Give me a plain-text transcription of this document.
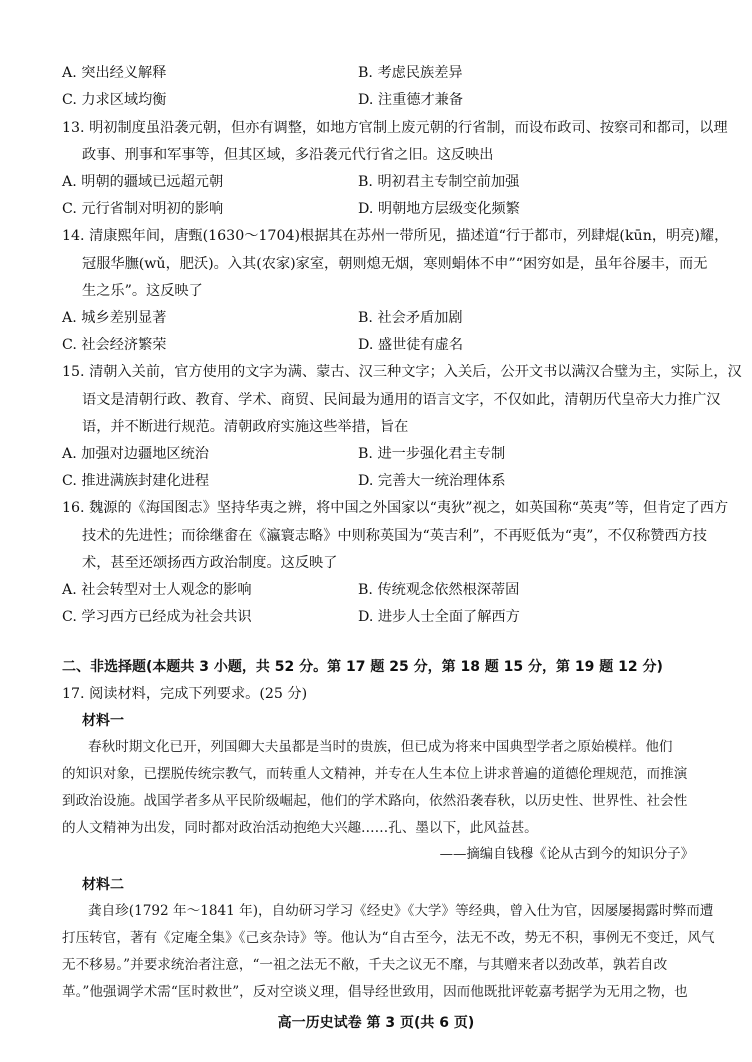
A. 突出经义解释	B. 考虑民族差异
C. 力求区域均衡	D. 注重德才兼备
13. 明初制度虽沿袭元朝，但亦有调整，如地方官制上废元朝的行省制，而设布政司、按察司和都司，以理
政事、刑事和军事等，但其区域，多沿袭元代行省之旧。这反映出
A. 明朝的疆域已远超元朝	B. 明初君主专制空前加强
C. 元行省制对明初的影响	D. 明朝地方层级变化频繁
14. 清康熙年间，唐甄(1630～1704)根据其在苏州一带所见，描述道“行于都市，列肆焜(kūn，明亮)耀，
冠服华膴(wǔ，肥沃)。入其(农家)家室，朝则熄无烟，寒则蜎体不申”“困穷如是，虽年谷屡丰，而无
生之乐”。这反映了
A. 城乡差别显著	B. 社会矛盾加剧
C. 社会经济繁荣	D. 盛世徒有虚名
15. 清朝入关前，官方使用的文字为满、蒙古、汉三种文字；入关后，公开文书以满汉合璧为主，实际上，汉
语文是清朝行政、教育、学术、商贸、民间最为通用的语言文字，不仅如此，清朝历代皇帝大力推广汉
语，并不断进行规范。清朝政府实施这些举措，旨在
A. 加强对边疆地区统治	B. 进一步强化君主专制
C. 推进满族封建化进程	D. 完善大一统治理体系
16. 魏源的《海国图志》坚持华夷之辨，将中国之外国家以“夷狄”视之，如英国称“英夷”等，但肯定了西方
技术的先进性；而徐继畬在《瀛寰志略》中则称英国为“英吉利”，不再贬低为“夷”，不仅称赞西方技
术，甚至还颂扬西方政治制度。这反映了
A. 社会转型对士人观念的影响	B. 传统观念依然根深蒂固
C. 学习西方已经成为社会共识	D. 进步人士全面了解西方
二、非选择题(本题共 3 小题，共 52 分。第 17 题 25 分，第 18 题 15 分，第 19 题 12 分)
17. 阅读材料，完成下列要求。(25 分)
材料一
春秋时期文化已开，列国卿大夫虽都是当时的贵族，但已成为将来中国典型学者之原始模样。他们
的知识对象，已摆脱传统宗教气，而转重人文精神，并专在人生本位上讲求普遍的道德伦理规范，而推演
到政治设施。战国学者多从平民阶级崛起，他们的学术路向，依然沿袭春秋，以历史性、世界性、社会性
的人文精神为出发，同时都对政治活动抱绝大兴趣……孔、墨以下，此风益甚。
——摘编自钱穆《论从古到今的知识分子》
材料二
龚自珍(1792 年～1841 年)，自幼研习学习《经史》《大学》等经典，曾入仕为官，因屡屡揭露时弊而遭
打压转官，著有《定庵全集》《己亥杂诗》等。他认为“自古至今，法无不改，势无不积，事例无不变迁，风气
无不移易。”并要求统治者注意，“一祖之法无不敝，千夫之议无不靡，与其赠来者以劲改革，孰若自改
革。”他强调学术需“匡时救世”，反对空谈义理，倡导经世致用，因而他既批评乾嘉考据学为无用之物，也
高一历史试卷 第 3 页(共 6 页)
